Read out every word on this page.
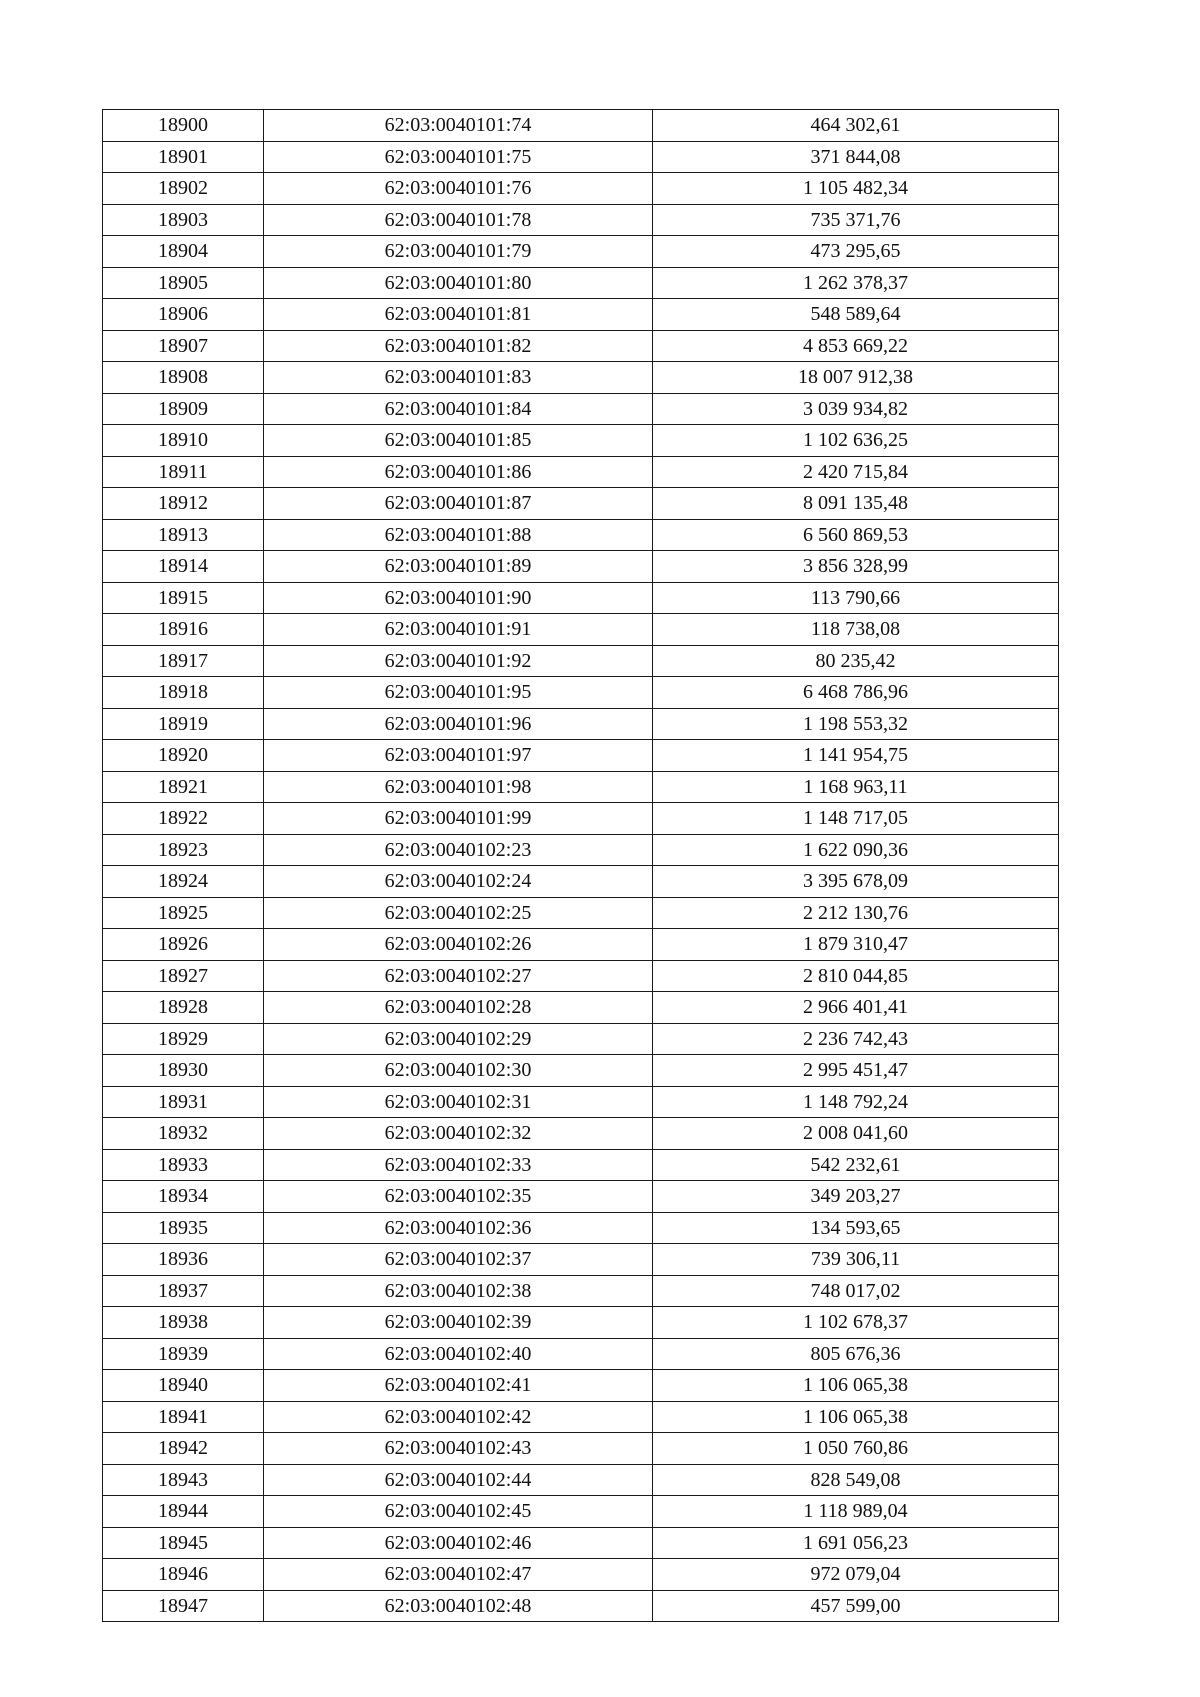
18900	62:03:0040101:74	464 302,61
18901	62:03:0040101:75	371 844,08
18902	62:03:0040101:76	1 105 482,34
18903	62:03:0040101:78	735 371,76
18904	62:03:0040101:79	473 295,65
18905	62:03:0040101:80	1 262 378,37
18906	62:03:0040101:81	548 589,64
18907	62:03:0040101:82	4 853 669,22
18908	62:03:0040101:83	18 007 912,38
18909	62:03:0040101:84	3 039 934,82
18910	62:03:0040101:85	1 102 636,25
18911	62:03:0040101:86	2 420 715,84
18912	62:03:0040101:87	8 091 135,48
18913	62:03:0040101:88	6 560 869,53
18914	62:03:0040101:89	3 856 328,99
18915	62:03:0040101:90	113 790,66
18916	62:03:0040101:91	118 738,08
18917	62:03:0040101:92	80 235,42
18918	62:03:0040101:95	6 468 786,96
18919	62:03:0040101:96	1 198 553,32
18920	62:03:0040101:97	1 141 954,75
18921	62:03:0040101:98	1 168 963,11
18922	62:03:0040101:99	1 148 717,05
18923	62:03:0040102:23	1 622 090,36
18924	62:03:0040102:24	3 395 678,09
18925	62:03:0040102:25	2 212 130,76
18926	62:03:0040102:26	1 879 310,47
18927	62:03:0040102:27	2 810 044,85
18928	62:03:0040102:28	2 966 401,41
18929	62:03:0040102:29	2 236 742,43
18930	62:03:0040102:30	2 995 451,47
18931	62:03:0040102:31	1 148 792,24
18932	62:03:0040102:32	2 008 041,60
18933	62:03:0040102:33	542 232,61
18934	62:03:0040102:35	349 203,27
18935	62:03:0040102:36	134 593,65
18936	62:03:0040102:37	739 306,11
18937	62:03:0040102:38	748 017,02
18938	62:03:0040102:39	1 102 678,37
18939	62:03:0040102:40	805 676,36
18940	62:03:0040102:41	1 106 065,38
18941	62:03:0040102:42	1 106 065,38
18942	62:03:0040102:43	1 050 760,86
18943	62:03:0040102:44	828 549,08
18944	62:03:0040102:45	1 118 989,04
18945	62:03:0040102:46	1 691 056,23
18946	62:03:0040102:47	972 079,04
18947	62:03:0040102:48	457 599,00
